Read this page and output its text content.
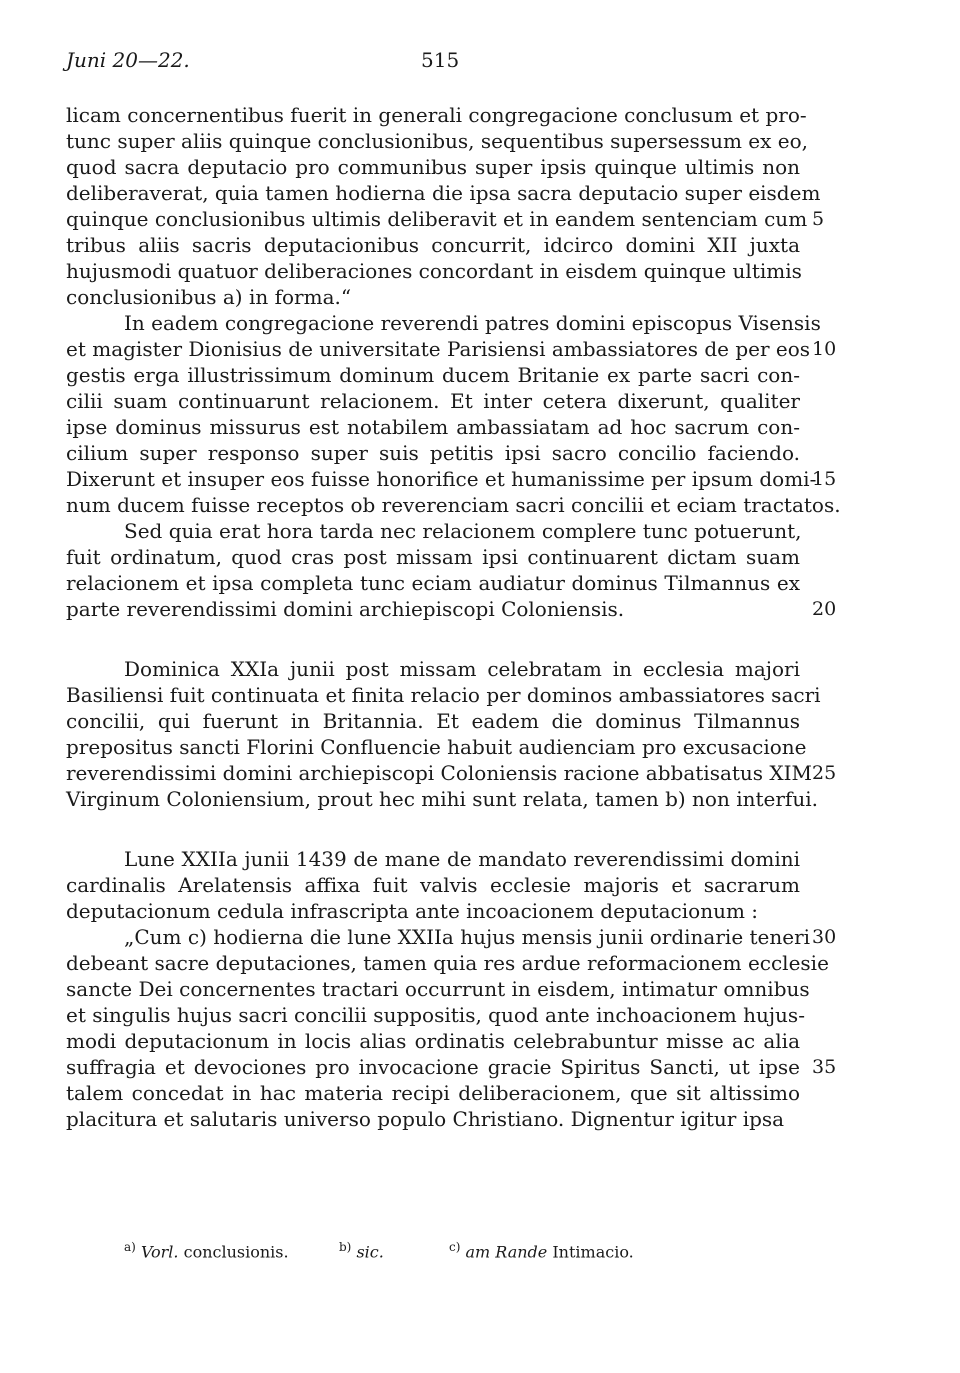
Juni 20—22.	515
licam concernentibus fuerit in generali congregacione conclusum et pro-
tunc super aliis quinque conclusionibus, sequentibus supersessum ex eo,
quod sacra deputacio pro communibus super ipsis quinque ultimis non
deliberaverat, quia tamen hodierna die ipsa sacra deputacio super eisdem
quinque conclusionibus ultimis deliberavit et in eandem sentenciam cum
tribus aliis sacris deputacionibus concurrit, idcirco domini XII juxta
hujusmodi quatuor deliberaciones concordant in eisdem quinque ultimis
conclusionibus a) in forma.“
In eadem congregacione reverendi patres domini episcopus Visensis
et magister Dionisius de universitate Parisiensi ambassiatores de per eos
gestis erga illustrissimum dominum ducem Britanie ex parte sacri con-
cilii suam continuarunt relacionem. Et inter cetera dixerunt, qualiter
ipse dominus missurus est notabilem ambassiatam ad hoc sacrum con-
cilium super responso super suis petitis ipsi sacro concilio faciendo.
Dixerunt et insuper eos fuisse honorifice et humanissime per ipsum domi-
num ducem fuisse receptos ob reverenciam sacri concilii et eciam tractatos.
Sed quia erat hora tarda nec relacionem complere tunc potuerunt,
fuit ordinatum, quod cras post missam ipsi continuarent dictam suam
relacionem et ipsa completa tunc eciam audiatur dominus Tilmannus ex
parte reverendissimi domini archiepiscopi Coloniensis.
Dominica XXIa junii post missam celebratam in ecclesia majori
Basiliensi fuit continuata et finita relacio per dominos ambassiatores sacri
concilii, qui fuerunt in Britannia. Et eadem die dominus Tilmannus
prepositus sancti Florini Confluencie habuit audienciam pro excusacione
reverendissimi domini archiepiscopi Coloniensis racione abbatisatus XIM
Virginum Coloniensium, prout hec mihi sunt relata, tamen b) non interfui.
Lune XXIIa junii 1439 de mane de mandato reverendissimi domini
cardinalis Arelatensis affixa fuit valvis ecclesie majoris et sacrarum
deputacionum cedula infrascripta ante incoacionem deputacionum :
„Cum c) hodierna die lune XXIIa hujus mensis junii ordinarie teneri
debeant sacre deputaciones, tamen quia res ardue reformacionem ecclesie
sancte Dei concernentes tractari occurrunt in eisdem, intimatur omnibus
et singulis hujus sacri concilii suppositis, quod ante inchoacionem hujus-
modi deputacionum in locis alias ordinatis celebrabuntur misse ac alia
suffragia et devociones pro invocacione gracie Spiritus Sancti, ut ipse
talem concedat in hac materia recipi deliberacionem, que sit altissimo
placitura et salutaris universo populo Christiano. Dignentur igitur ipsa
5
10
15
20
25
30
35
$^{a)}$ Vorl. conclusionis.	$^{b)}$ sic.	$^{c)}$ am Rande Intimacio.
